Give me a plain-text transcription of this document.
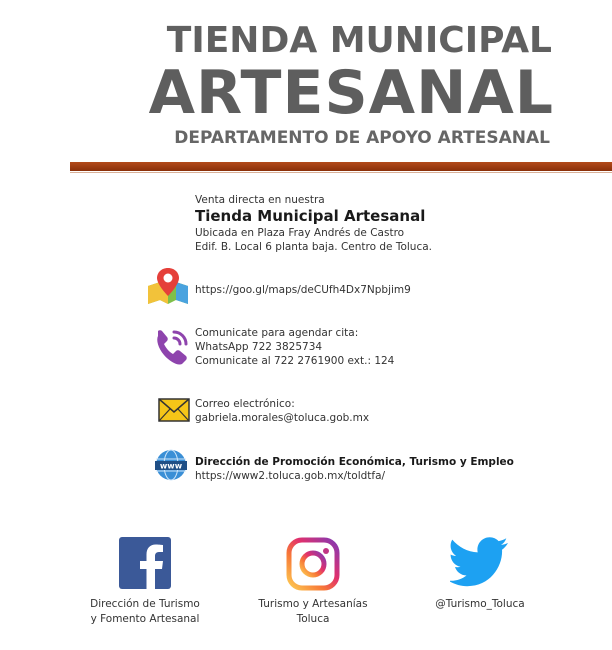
TIENDA MUNICIPAL
ARTESANAL
DEPARTAMENTO DE APOYO ARTESANAL
Venta directa en nuestra
Tienda Municipal Artesanal
Ubicada en Plaza Fray Andrés de Castro
Edif. B. Local 6 planta baja. Centro de Toluca.
https://goo.gl/maps/deCUfh4Dx7Npbjim9
Comunicate para agendar cita:
WhatsApp 722 3825734
Comunicate al 722 2761900 ext.: 124
Correo electrónico:
gabriela.morales@toluca.gob.mx
www Dirección de Promoción Económica, Turismo y Empleo
https://www2.toluca.gob.mx/toldtfa/
Dirección de Turismo
y Fomento Artesanal
Turismo y Artesanías
Toluca
@Turismo_Toluca
